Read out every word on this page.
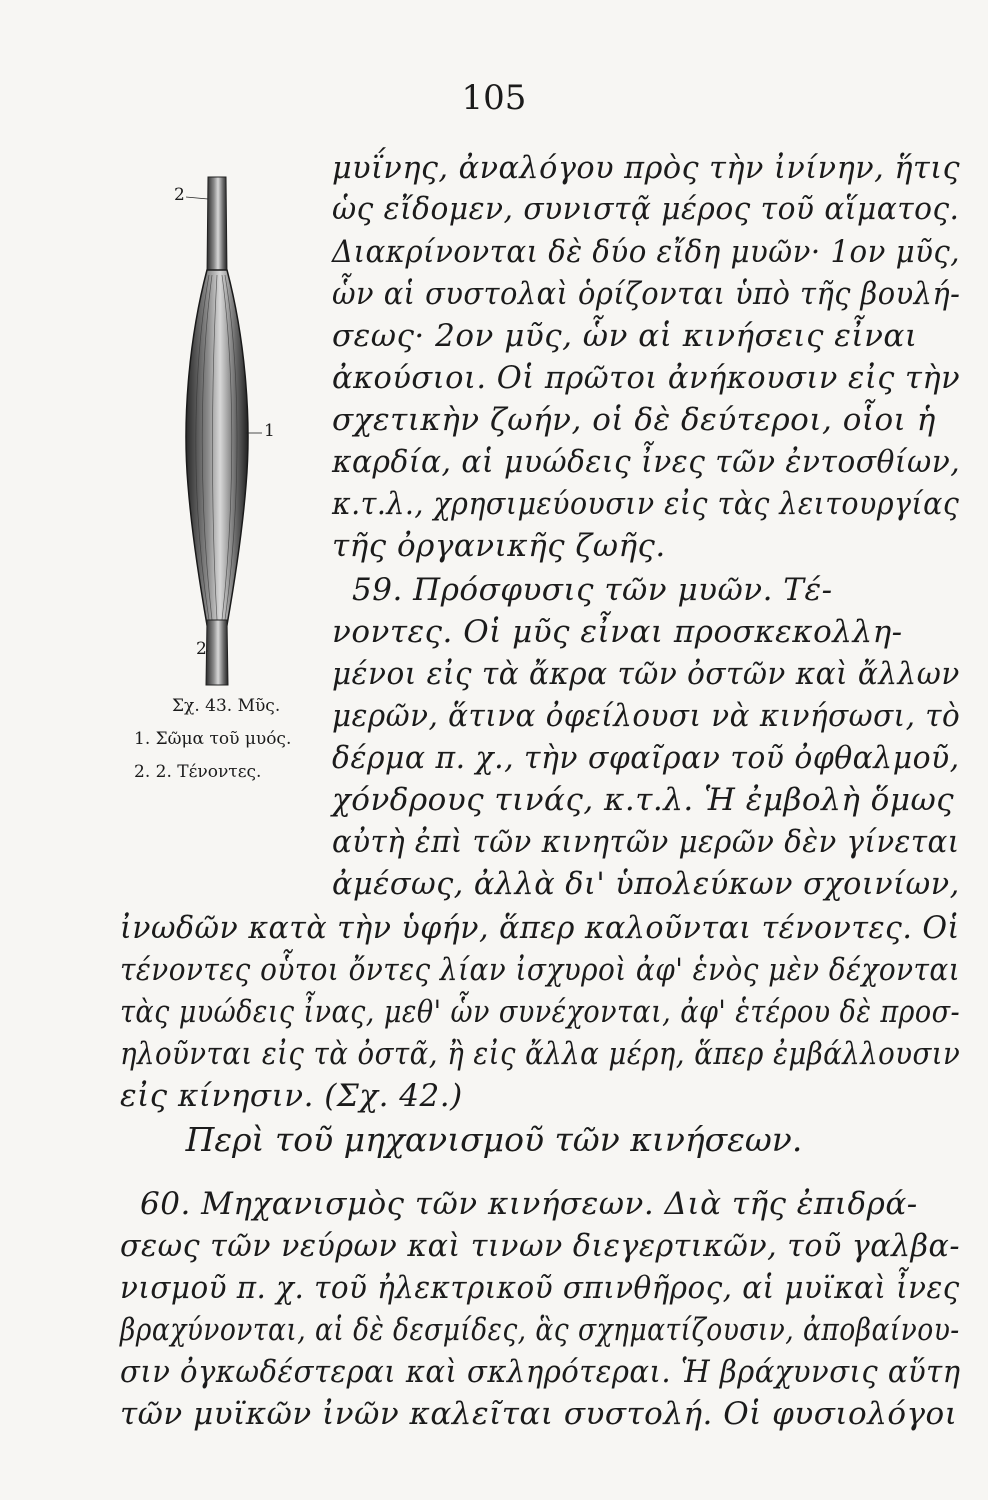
105
2
1
2
Σχ. 43. Μῦς.
1. Σῶμα τοῦ μυός.
2. 2. Τένοντες.
μυΐνης, ἀναλόγου πρὸς τὴν ἰνίνην, ἥτις
ὡς εἴδομεν, συνιστᾷ μέρος τοῦ αἵματος.
Διακρίνονται δὲ δύο εἴδη μυῶν· 1ον μῦς,
ὧν αἱ συστολαὶ ὁρίζονται ὑπὸ τῆς βουλή-
σεως· 2ον μῦς, ὧν αἱ κινήσεις εἶναι
ἀκούσιοι. Οἱ πρῶτοι ἀνήκουσιν εἰς τὴν
σχετικὴν ζωήν, οἱ δὲ δεύτεροι, οἷοι ἡ
καρδία, αἱ μυώδεις ἶνες τῶν ἐντοσθίων,
κ.τ.λ., χρησιμεύουσιν εἰς τὰς λειτουργίας
τῆς ὀργανικῆς ζωῆς.
59. Πρόσφυσις τῶν μυῶν. Τέ-
νοντες. Οἱ μῦς εἶναι προσκεκολλη-
μένοι εἰς τὰ ἄκρα τῶν ὀστῶν καὶ ἄλλων
μερῶν, ἅτινα ὀφείλουσι νὰ κινήσωσι, τὸ
δέρμα π. χ., τὴν σφαῖραν τοῦ ὀφθαλμοῦ,
χόνδρους τινάς, κ.τ.λ. Ἡ ἐμβολὴ ὅμως
αὐτὴ ἐπὶ τῶν κινητῶν μερῶν δὲν γίνεται
ἀμέσως, ἀλλὰ δι' ὑπολεύκων σχοινίων,
ἰνωδῶν κατὰ τὴν ὑφήν, ἅπερ καλοῦνται τένοντες. Οἱ
τένοντες οὗτοι ὄντες λίαν ἰσχυροὶ ἀφ' ἑνὸς μὲν δέχονται
τὰς μυώδεις ἶνας, μεθ' ὧν συνέχονται, ἀφ' ἑτέρου δὲ προσ-
ηλοῦνται εἰς τὰ ὀστᾶ, ἢ εἰς ἄλλα μέρη, ἅπερ ἐμβάλλουσιν
Περὶ τοῦ μηχανισμοῦ τῶν κινήσεων.
60. Μηχανισμὸς τῶν κινήσεων. Διὰ τῆς ἐπιδρά-
σεως τῶν νεύρων καὶ τινων διεγερτικῶν, τοῦ γαλβα-
νισμοῦ π. χ. τοῦ ἠλεκτρικοῦ σπινθῆρος, αἱ μυϊκαὶ ἶνες
βραχύνονται, αἱ δὲ δεσμίδες, ἃς σχηματίζουσιν, ἀποβαίνου-
σιν ὀγκωδέστεραι καὶ σκληρότεραι. Ἡ βράχυνσις αὕτη
τῶν μυϊκῶν ἰνῶν καλεῖται συστολή. Οἱ φυσιολόγοι
εἰς κίνησιν. (Σχ. 42.)
